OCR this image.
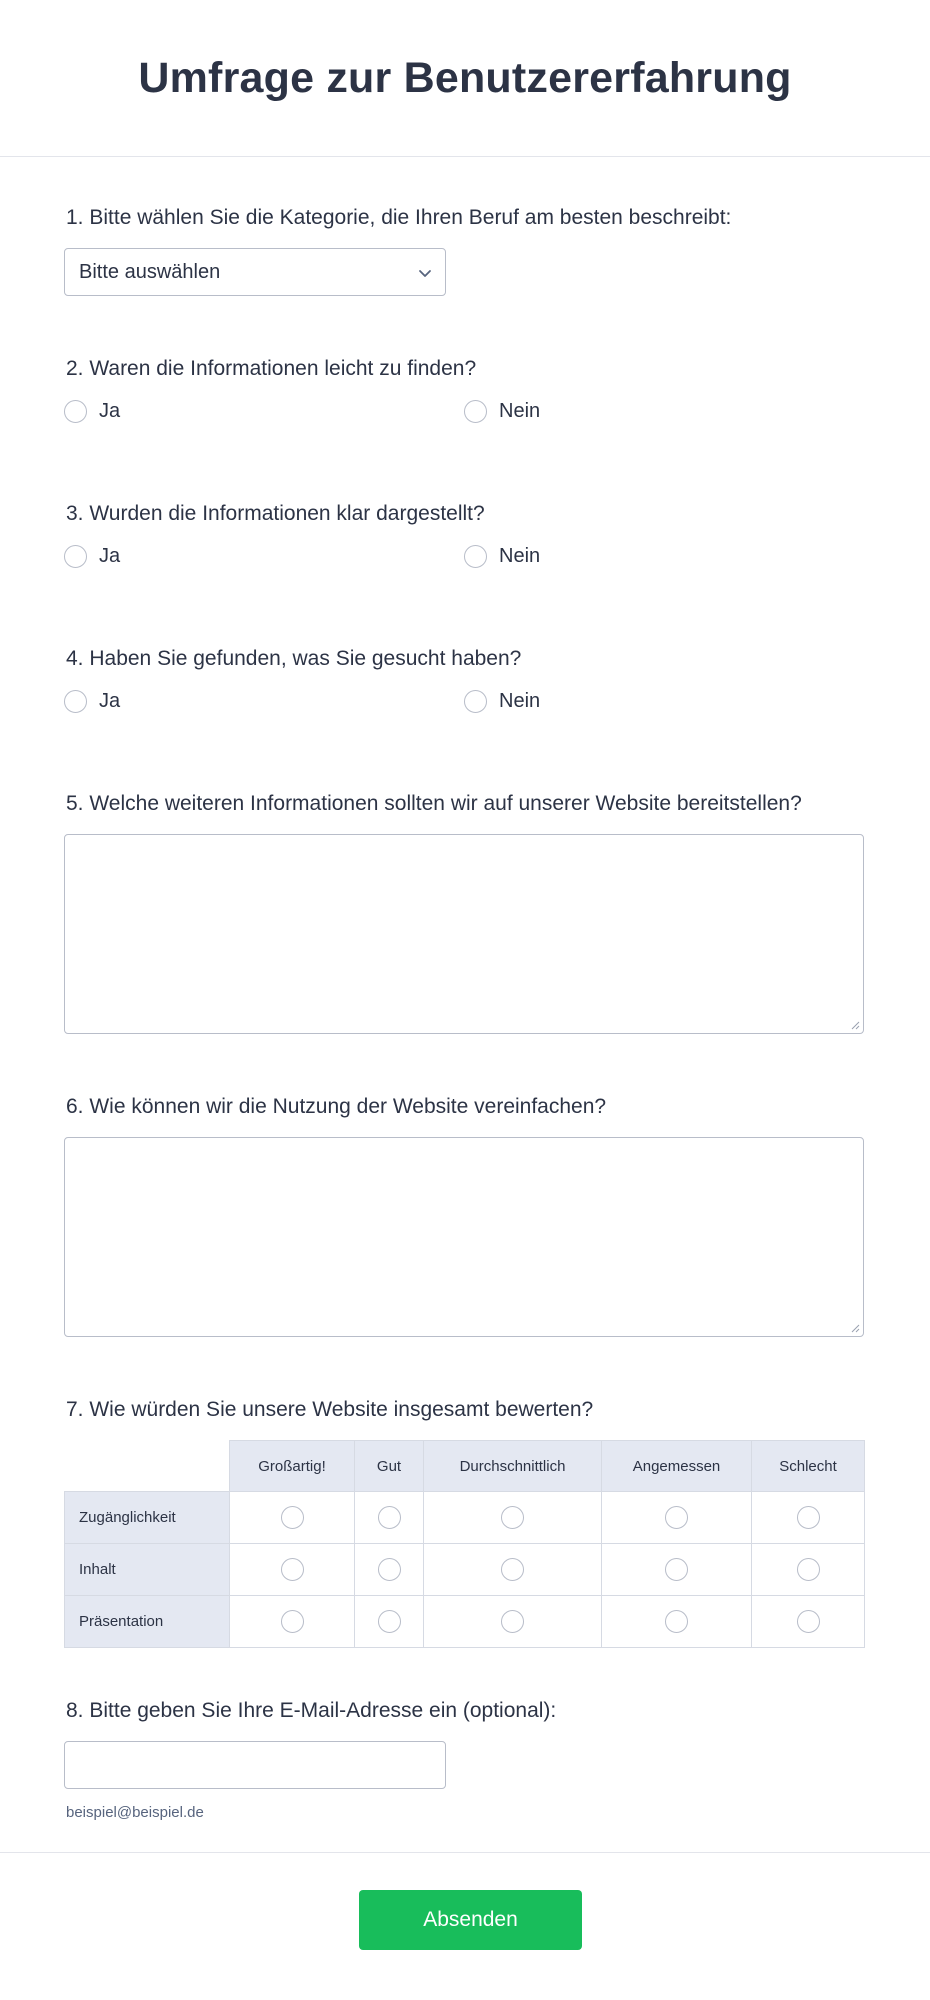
Umfrage zur Benutzererfahrung
1. Bitte wählen Sie die Kategorie, die Ihren Beruf am besten beschreibt:
Bitte auswählen
2. Waren die Informationen leicht zu finden?
Ja	Nein
3. Wurden die Informationen klar dargestellt?
Ja	Nein
4. Haben Sie gefunden, was Sie gesucht haben?
Ja	Nein
5. Welche weiteren Informationen sollten wir auf unserer Website bereitstellen?
6. Wie können wir die Nutzung der Website vereinfachen?
7. Wie würden Sie unsere Website insgesamt bewerten?
	Großartig!	Gut	Durchschnittlich	Angemessen	Schlecht
Zugänglichkeit					
Inhalt					
Präsentation					
8. Bitte geben Sie Ihre E-Mail-Adresse ein (optional):
beispiel@beispiel.de
Absenden
